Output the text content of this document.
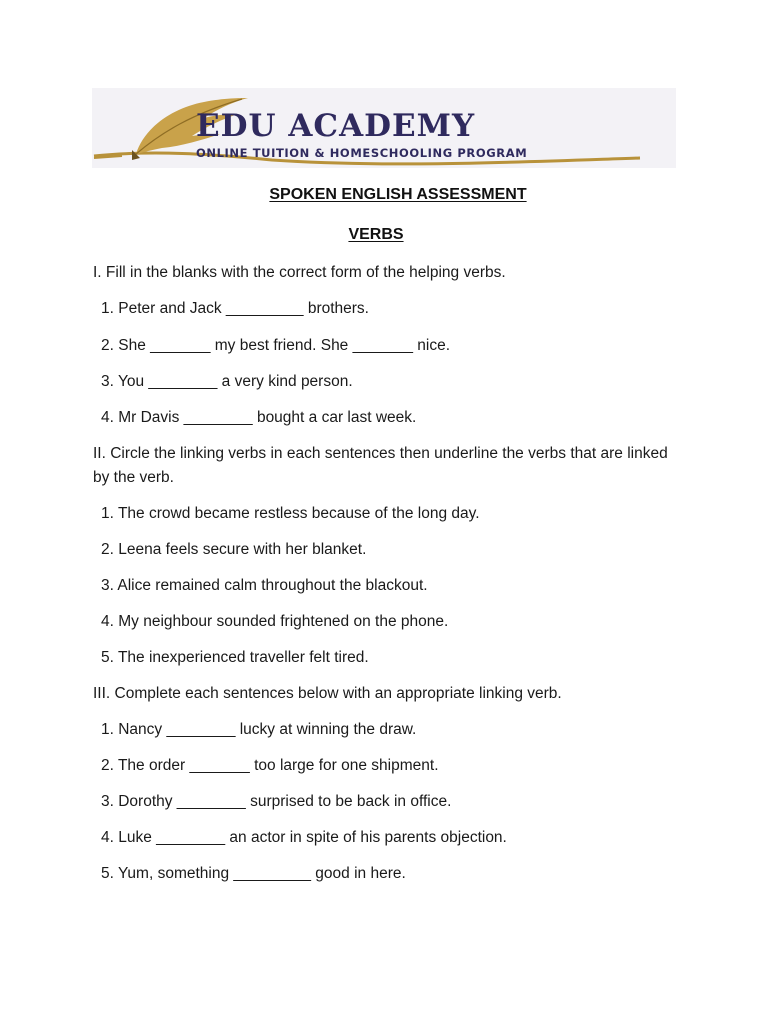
EDU ACADEMY
ONLINE TUITION & HOMESCHOOLING PROGRAM
SPOKEN ENGLISH ASSESSMENT
VERBS
I. Fill in the blanks with the correct form of the helping verbs.
1. Peter and Jack _________ brothers.
2. She _______ my best friend. She _______ nice.
3. You ________ a very kind person.
4. Mr Davis ________ bought a car last week.
II. Circle the linking verbs in each sentences then underline the verbs that are linked by the verb.
1. The crowd became restless because of the long day.
2. Leena feels secure with her blanket.
3. Alice remained calm throughout the blackout.
4. My neighbour sounded frightened on the phone.
5. The inexperienced traveller felt tired.
III. Complete each sentences below with an appropriate linking verb.
1. Nancy ________ lucky at winning the draw.
2. The order _______ too large for one shipment.
3. Dorothy ________ surprised to be back in office.
4. Luke ________ an actor in spite of his parents objection.
5. Yum, something _________ good in here.
